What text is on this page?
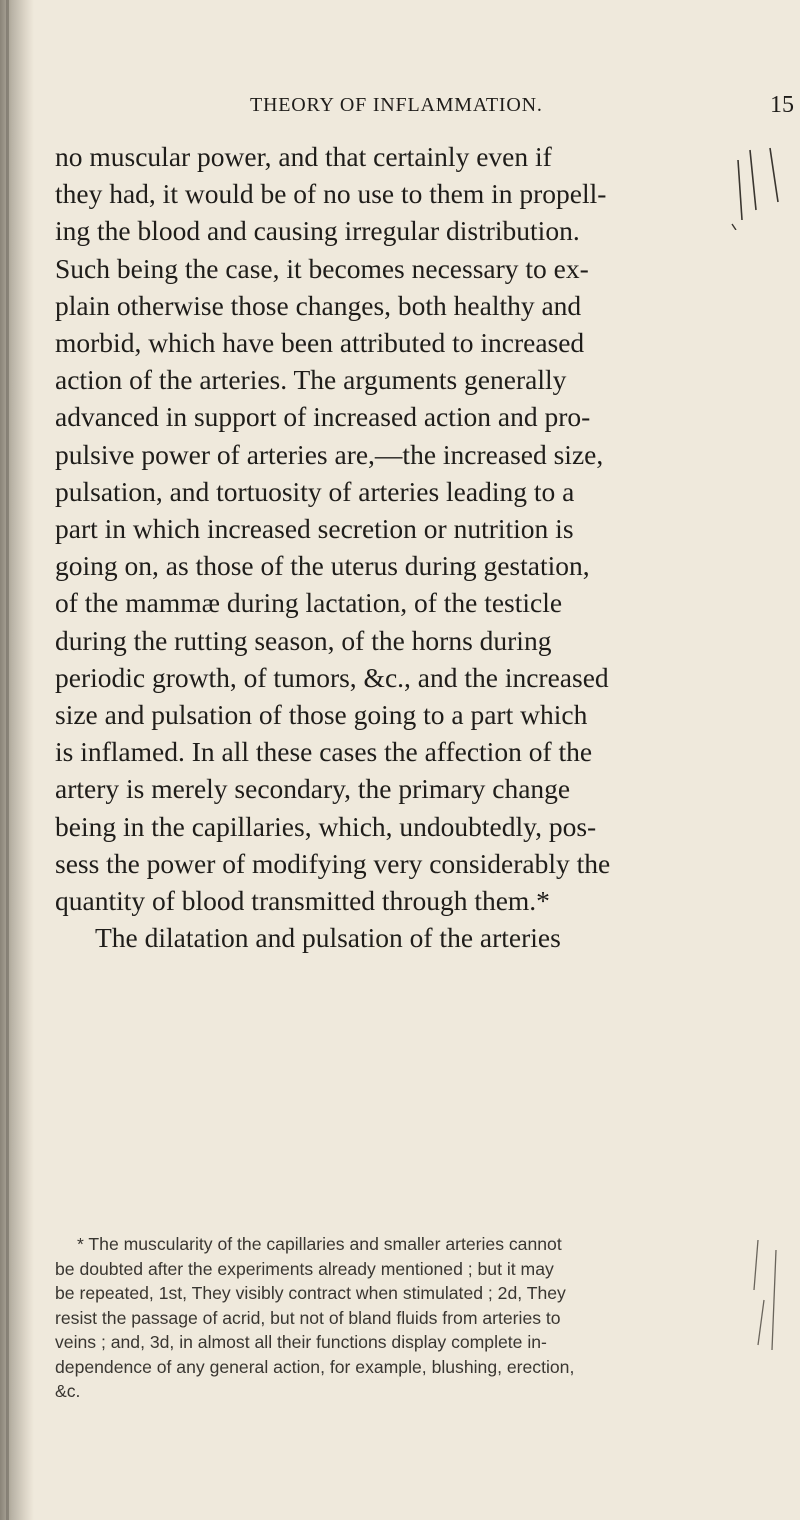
THEORY OF INFLAMMATION.	15
no muscular power, and that certainly even if
they had, it would be of no use to them in propell-
ing the blood and causing irregular distribution.
Such being the case, it becomes necessary to ex-
plain otherwise those changes, both healthy and
morbid, which have been attributed to increased
action of the arteries. The arguments generally
advanced in support of increased action and pro-
pulsive power of arteries are,—the increased size,
pulsation, and tortuosity of arteries leading to a
part in which increased secretion or nutrition is
going on, as those of the uterus during gestation,
of the mammæ during lactation, of the testicle
during the rutting season, of the horns during
periodic growth, of tumors, &c., and the increased
size and pulsation of those going to a part which
is inflamed. In all these cases the affection of the
artery is merely secondary, the primary change
being in the capillaries, which, undoubtedly, pos-
sess the power of modifying very considerably the
quantity of blood transmitted through them.*
The dilatation and pulsation of the arteries
* The muscularity of the capillaries and smaller arteries cannot
be doubted after the experiments already mentioned ; but it may
be repeated, 1st, They visibly contract when stimulated ; 2d, They
resist the passage of acrid, but not of bland fluids from arteries to
veins ; and, 3d, in almost all their functions display complete in-
dependence of any general action, for example, blushing, erection,
&c.
